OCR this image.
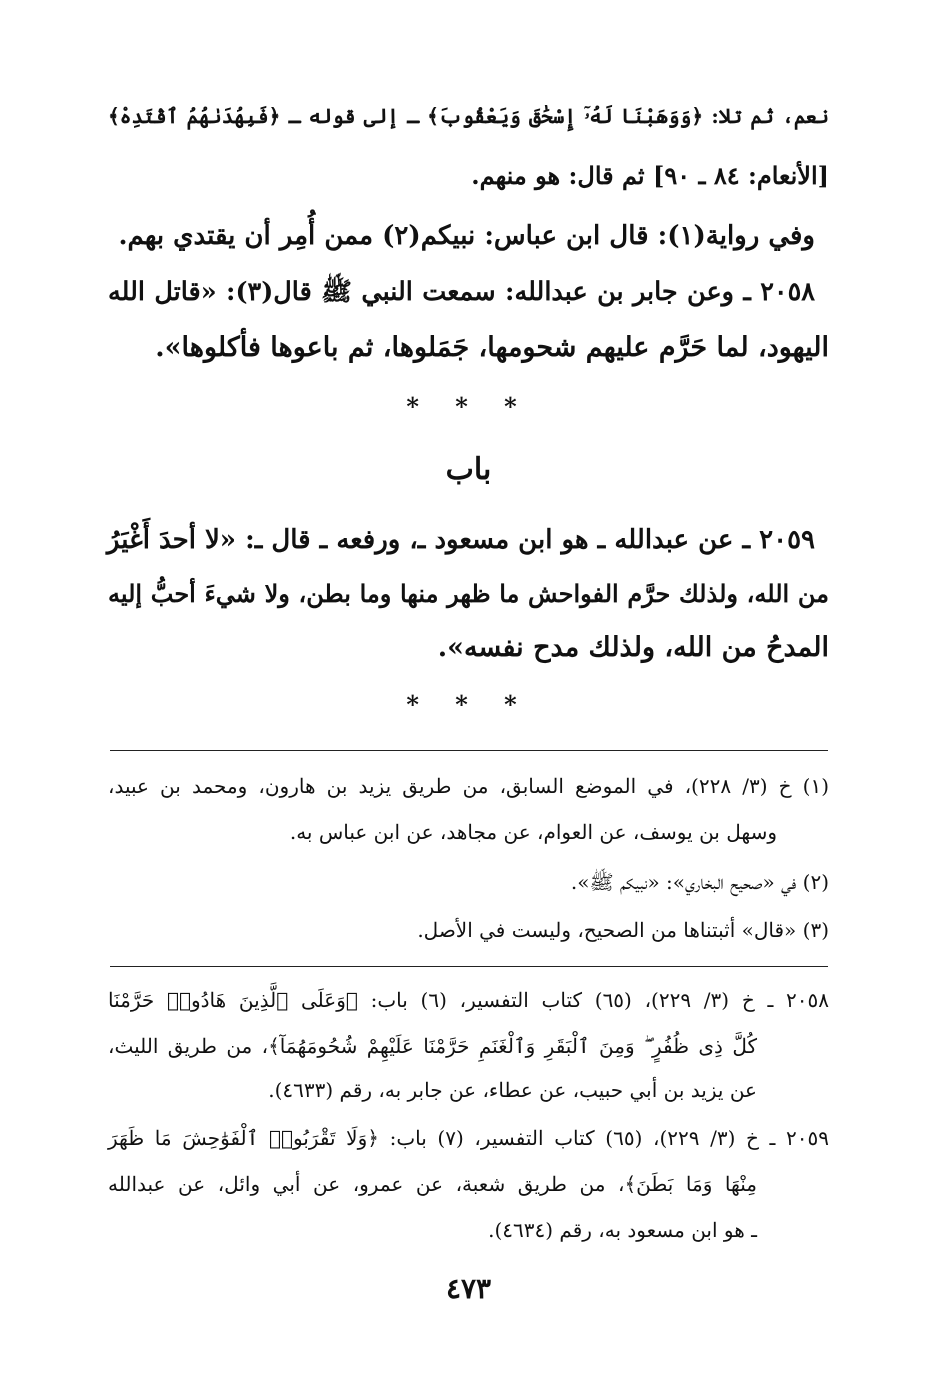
نعم، ثم تلا: ﴿وَوَهَبْنَا لَهُۥٓ إِسْحَٰقَ وَيَعْقُوبَ﴾ ـ إلى قوله ـ ﴿فَبِهُدَىٰهُمُ ٱقْتَدِهْ﴾
[الأنعام: ٨٤ ـ ٩٠] ثم قال: هو منهم.
وفي رواية(١): قال ابن عباس: نبيكم(٢) ممن أُمِر أن يقتدي بهم.
٢٠٥٨ ـ وعن جابر بن عبدالله: سمعت النبي ﷺ قال(٣): «قاتل الله
اليهود، لما حَرَّم عليهم شحومها، جَمَلوها، ثم باعوها فأكلوها».
* * *
باب
٢٠٥٩ ـ عن عبدالله ـ هو ابن مسعود ـ، ورفعه ـ قال ـ: «لا أحدَ أَغْيَرُ
من الله، ولذلك حرَّم الفواحش ما ظهر منها وما بطن، ولا شيءَ أحبُّ إليه
المدحُ من الله، ولذلك مدح نفسه».
* * *
(١) خ (٣/ ٢٢٨)، في الموضع السابق، من طريق يزيد بن هارون، ومحمد بن عبيد،
وسهل بن يوسف، عن العوام، عن مجاهد، عن ابن عباس به.
(٢) في «صحيح البخاري»: «نبيكم ﷺ».
(٣) «قال» أثبتناها من الصحيح، وليست في الأصل.
٢٠٥٨ ـ خ (٣/ ٢٢٩)، (٦٥) كتاب التفسير، (٦) باب: ﴿وَعَلَى ٱلَّذِينَ هَادُوا۟ حَرَّمْنَا
كُلَّ ذِى ظُفُرٍ ۖ وَمِنَ ٱلْبَقَرِ وَٱلْغَنَمِ حَرَّمْنَا عَلَيْهِمْ شُحُومَهُمَآ﴾، من طريق الليث،
عن يزيد بن أبي حبيب، عن عطاء، عن جابر به، رقم (٤٦٣٣).
٢٠٥٩ ـ خ (٣/ ٢٢٩)، (٦٥) كتاب التفسير، (٧) باب: ﴿وَلَا تَقْرَبُوا۟ ٱلْفَوَٰحِشَ مَا ظَهَرَ
مِنْهَا وَمَا بَطَنَ﴾، من طريق شعبة، عن عمرو، عن أبي وائل، عن عبدالله
ـ هو ابن مسعود به، رقم (٤٦٣٤).
٤٧٣
